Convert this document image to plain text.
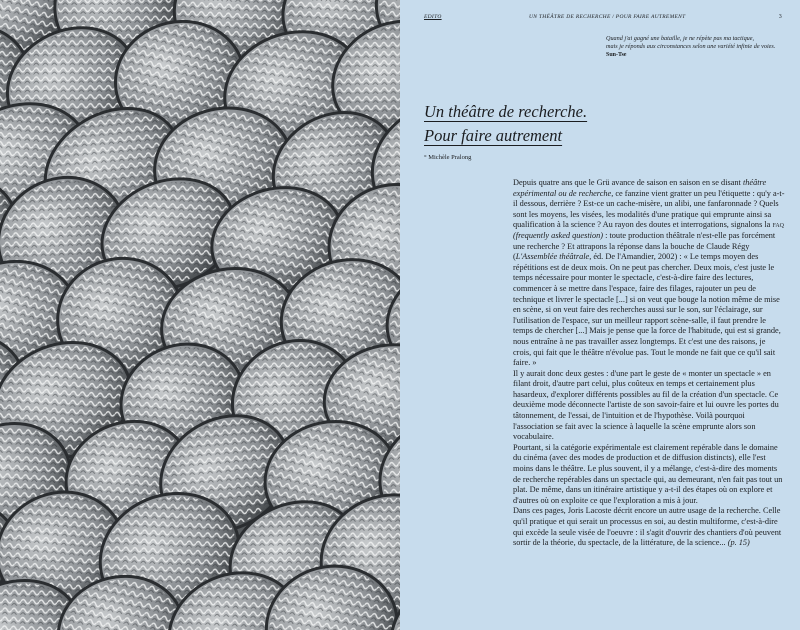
EDITO	UN THÉÂTRE DE RECHERCHE / POUR FAIRE AUTREMENT	3
Quand j'ai gagné une bataille, je ne répète pas ma tactique,
mais je réponds aux circonstances selon une variété infinie de voies.
Sun-Tse
Un théâtre de recherche.
Pour faire autrement
° Michèle Pralong

Depuis quatre ans que le Grü avance de saison en saison en se disant théâtre expérimental ou de recherche, ce fanzine vient gratter un peu l'étiquette : qu'y a-t-il dessous, derrière ? Est-ce un cache-misère, un alibi, une fanfaronnade ? Quels sont les moyens, les visées, les modalités d'une pratique qui emprunte ainsi sa qualification à la science ? Au rayon des doutes et interrogations, signalons la faq (frequently asked question) : toute production théâtrale n'est-elle pas forcément une recherche ? Et attrapons la réponse dans la bouche de Claude Régy (L'Assemblée théâtrale, éd. De l'Amandier, 2002) : « Le temps moyen des répétitions est de deux mois. On ne peut pas chercher. Deux mois, c'est juste le temps nécessaire pour monter le spectacle, c'est-à-dire faire des lectures, commencer à se mettre dans l'espace, faire des filages, rajouter un peu de technique et livrer le spectacle [...] si on veut que bouge la notion même de mise en scène, si on veut faire des recherches aussi sur le son, sur l'éclairage, sur l'utilisation de l'espace, sur un meilleur rapport scène-salle, il faut prendre le temps de chercher [...] Mais je pense que la force de l'habitude, qui est si grande, nous entraîne à ne pas travailler assez longtemps. Et c'est une des raisons, je crois, qui fait que le théâtre n'évolue pas. Tout le monde ne fait que ce qu'il sait faire. »

Il y aurait donc deux gestes : d'une part le geste de « monter un spectacle » en filant droit, d'autre part celui, plus coûteux en temps et certainement plus hasardeux, d'explorer différents possibles au fil de la création d'un spectacle. Ce deuxième mode déconnecte l'artiste de son savoir-faire et lui ouvre les portes du tâtonnement, de l'essai, de l'intuition et de l'hypothèse. Voilà pourquoi l'association se fait avec la science à laquelle la scène emprunte alors son vocabulaire.

Pourtant, si la catégorie expérimentale est clairement repérable dans le domaine du cinéma (avec des modes de production et de diffusion distincts), elle l'est moins dans le théâtre. Le plus souvent, il y a mélange, c'est-à-dire des moments de recherche repérables dans un spectacle qui, au demeurant, n'en fait pas tout un plat. De même, dans un itinéraire artistique y a-t-il des étapes où on explore et d'autres où on exploite ce que l'exploration a mis à jour.

Dans ces pages, Joris Lacoste décrit encore un autre usage de la recherche. Celle qu'il pratique et qui serait un processus en soi, au destin multiforme, c'est-à-dire qui excède la seule visée de l'oeuvre : il s'agit d'ouvrir des chantiers d'où peuvent sortir de la théorie, du spectacle, de la littérature, de la science... (p. 15)
